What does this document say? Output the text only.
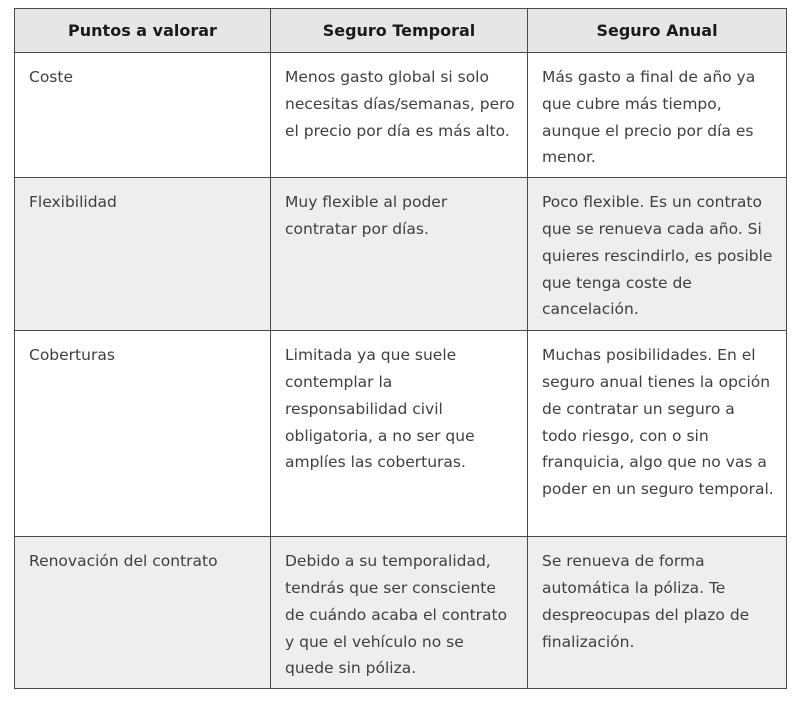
Puntos a valorar	Seguro Temporal	Seguro Anual
Coste	Menos gasto global si solo necesitas días/semanas, pero el precio por día es más alto.	Más gasto a final de año ya que cubre más tiempo, aunque el precio por día es menor.
Flexibilidad	Muy flexible al poder contratar por días.	Poco flexible. Es un contrato que se renueva cada año. Si quieres rescindirlo, es posible que tenga coste de cancelación.
Coberturas	Limitada ya que suele contemplar la responsabilidad civil obligatoria, a no ser que amplíes las coberturas.	Muchas posibilidades. En el seguro anual tienes la opción de contratar un seguro a todo riesgo, con o sin franquicia, algo que no vas a poder en un seguro temporal.
Renovación del contrato	Debido a su temporalidad, tendrás que ser consciente de cuándo acaba el contrato y que el vehículo no se quede sin póliza.	Se renueva de forma automática la póliza. Te despreocupas del plazo de finalización.
